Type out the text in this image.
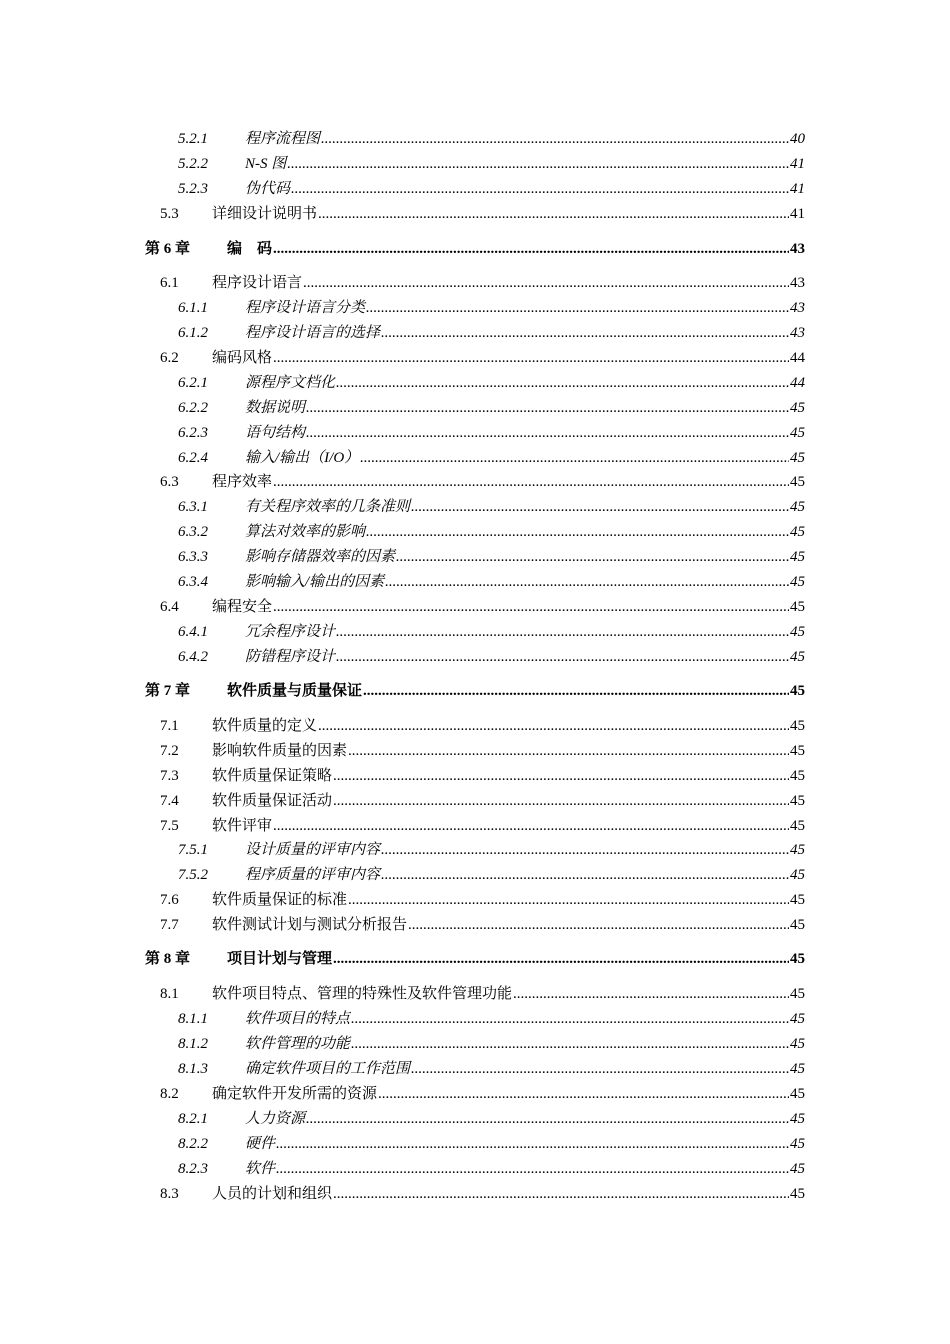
5.2.1	程序流程图 .....	40
5.2.2	N-S 图 .....	41
5.2.3	伪代码 .....	41
5.3	详细设计说明书 .....	41
第 6 章	编　码 .....	43
6.1	程序设计语言 .....	43
6.1.1	程序设计语言分类 .....	43
6.1.2	程序设计语言的选择 .....	43
6.2	编码风格 .....	44
6.2.1	源程序文档化 .....	44
6.2.2	数据说明 .....	45
6.2.3	语句结构 .....	45
6.2.4	输入/输出（I/O） .....	45
6.3	程序效率 .....	45
6.3.1	有关程序效率的几条准则 .....	45
6.3.2	算法对效率的影响 .....	45
6.3.3	影响存储器效率的因素 .....	45
6.3.4	影响输入/输出的因素 .....	45
6.4	编程安全 .....	45
6.4.1	冗余程序设计 .....	45
6.4.2	防错程序设计 .....	45
第 7 章	软件质量与质量保证 .....	45
7.1	软件质量的定义 .....	45
7.2	影响软件质量的因素 .....	45
7.3	软件质量保证策略 .....	45
7.4	软件质量保证活动 .....	45
7.5	软件评审 .....	45
7.5.1	设计质量的评审内容 .....	45
7.5.2	程序质量的评审内容 .....	45
7.6	软件质量保证的标准 .....	45
7.7	软件测试计划与测试分析报告 .....	45
第 8 章	项目计划与管理 .....	45
8.1	软件项目特点、管理的特殊性及软件管理功能 .....	45
8.1.1	软件项目的特点 .....	45
8.1.2	软件管理的功能 .....	45
8.1.3	确定软件项目的工作范围 .....	45
8.2	确定软件开发所需的资源 .....	45
8.2.1	人力资源 .....	45
8.2.2	硬件 .....	45
8.2.3	软件 .....	45
8.3	人员的计划和组织 .....	45
